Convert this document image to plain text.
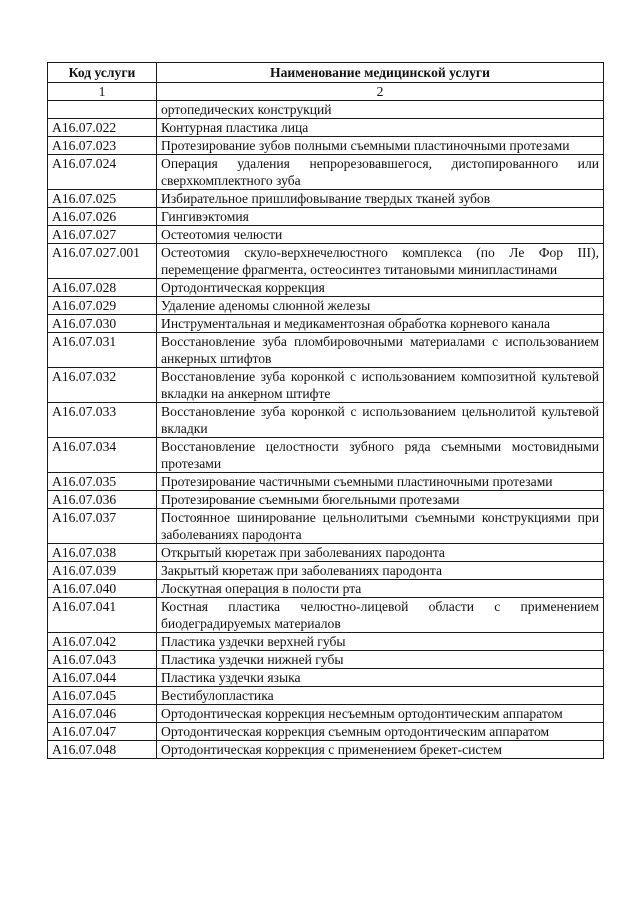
Код услуги	Наименование медицинской услуги
1	2
	ортопедических конструкций
A16.07.022	Контурная пластика лица
A16.07.023	Протезирование зубов полными съемными пластиночными протезами
A16.07.024	Операция удаления непрорезовавшегося, дистопированного или сверхкомплектного зуба
A16.07.025	Избирательное пришлифовывание твердых тканей зубов
A16.07.026	Гингивэктомия
A16.07.027	Остеотомия челюсти
A16.07.027.001	Остеотомия скуло-верхнечелюстного комплекса (по Ле Фор III), перемещение фрагмента, остеосинтез титановыми минипластинами
A16.07.028	Ортодонтическая коррекция
A16.07.029	Удаление аденомы слюнной железы
A16.07.030	Инструментальная и медикаментозная обработка корневого канала
A16.07.031	Восстановление зуба пломбировочными материалами с использованием анкерных штифтов
A16.07.032	Восстановление зуба коронкой с использованием композитной культевой вкладки на анкерном штифте
A16.07.033	Восстановление зуба коронкой с использованием цельнолитой культевой вкладки
A16.07.034	Восстановление целостности зубного ряда съемными мостовидными протезами
A16.07.035	Протезирование частичными съемными пластиночными протезами
A16.07.036	Протезирование съемными бюгельными протезами
A16.07.037	Постоянное шинирование цельнолитыми съемными конструкциями при заболеваниях пародонта
A16.07.038	Открытый кюретаж при заболеваниях пародонта
A16.07.039	Закрытый кюретаж при заболеваниях пародонта
A16.07.040	Лоскутная операция в полости рта
A16.07.041	Костная пластика челюстно-лицевой области с применением биодеградируемых материалов
A16.07.042	Пластика уздечки верхней губы
A16.07.043	Пластика уздечки нижней губы
A16.07.044	Пластика уздечки языка
A16.07.045	Вестибулопластика
A16.07.046	Ортодонтическая коррекция несъемным ортодонтическим аппаратом
A16.07.047	Ортодонтическая коррекция съемным ортодонтическим аппаратом
A16.07.048	Ортодонтическая коррекция с применением брекет-систем
